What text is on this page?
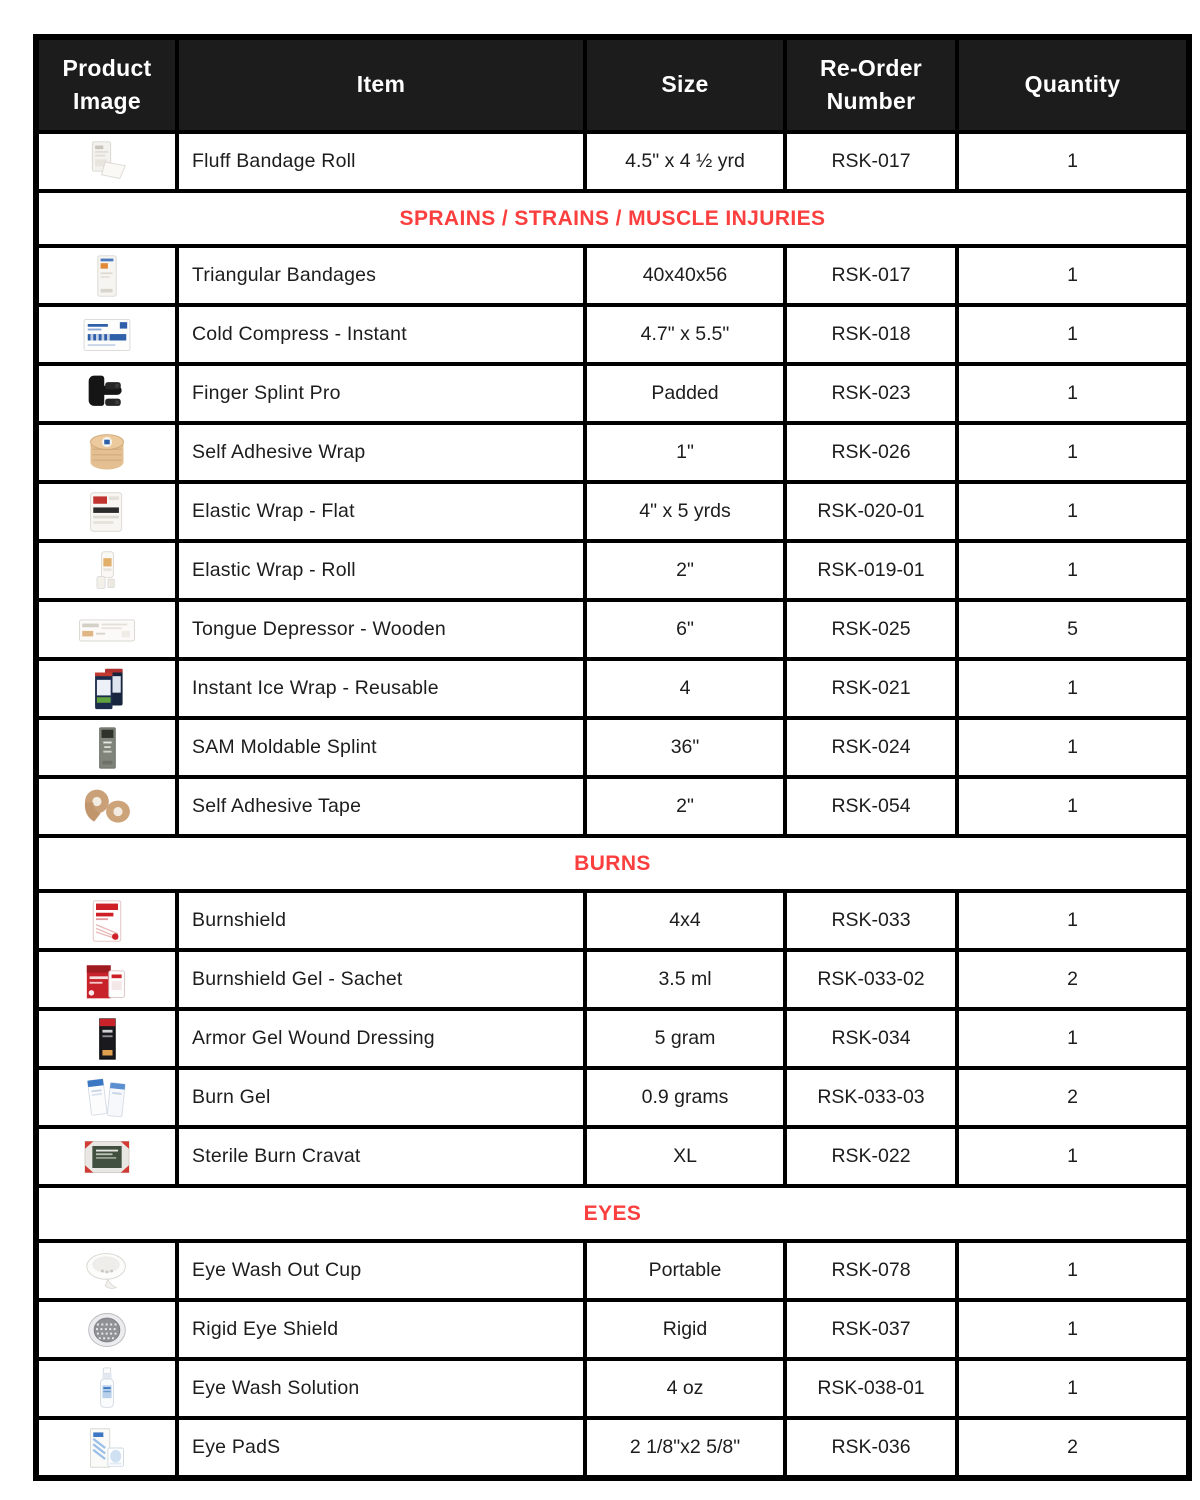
Product Image	Item	Size	Re-Order Number	Quantity

	Fluff Bandage Roll	4.5" x 4 ½ yrd	RSK-017	1
SPRAINS / STRAINS / MUSCLE INJURIES				

	Triangular Bandages	40x40x56	RSK-017	1

	Cold Compress - Instant	4.7" x 5.5"	RSK-018	1

	Finger Splint Pro	Padded	RSK-023	1

	Self Adhesive Wrap	1"	RSK-026	1

	Elastic Wrap - Flat	4" x 5 yrds	RSK-020-01	1

	Elastic Wrap - Roll	2"	RSK-019-01	1

	Tongue Depressor - Wooden	6"	RSK-025	5

	Instant Ice Wrap - Reusable	4	RSK-021	1

	SAM Moldable Splint	36"	RSK-024	1

	Self Adhesive Tape	2"	RSK-054	1
BURNS				

	Burnshield	4x4	RSK-033	1

	Burnshield Gel - Sachet	3.5 ml	RSK-033-02	2

	Armor Gel Wound Dressing	5 gram	RSK-034	1

	Burn Gel	0.9 grams	RSK-033-03	2

	Sterile Burn Cravat	XL	RSK-022	1
EYES				

	Eye Wash Out Cup	Portable	RSK-078	1

	Rigid Eye Shield	Rigid	RSK-037	1

	Eye Wash Solution	4 oz	RSK-038-01	1

	Eye PadS	2 1/8"x2 5/8"	RSK-036	2
